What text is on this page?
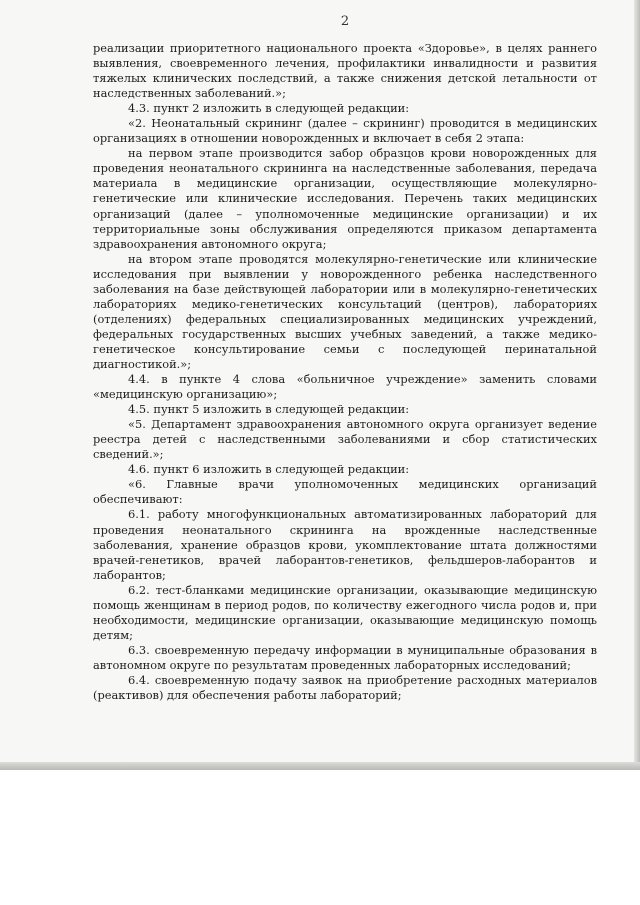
2

реализации приоритетного национального проекта «Здоровье», в целях раннего выявления, своевременного лечения, профилактики инвалидности и развития тяжелых клинических последствий, а также снижения детской летальности от наследственных заболеваний.»;

4.3. пункт 2 изложить в следующей редакции:

«2. Неонатальный скрининг (далее – скрининг) проводится в медицинских организациях в отношении новорожденных и включает в себя 2 этапа:

на первом этапе производится забор образцов крови новорожденных для проведения неонатального скрининга на наследственные заболевания, передача материала в медицинские организации, осуществляющие молекулярно-генетические или клинические исследования. Перечень таких медицинских организаций (далее – уполномоченные медицинские организации) и их территориальные зоны обслуживания определяются приказом департамента здравоохранения автономного округа;

на втором этапе проводятся молекулярно-генетические или клинические исследования при выявлении у новорожденного ребенка наследственного заболевания на базе действующей лаборатории или в молекулярно-генетических лабораториях медико-генетических консультаций (центров), лабораториях (отделениях) федеральных специализированных медицинских учреждений, федеральных государственных высших учебных заведений, а также медико-генетическое консультирование семьи с последующей перинатальной диагностикой.»;

4.4. в пункте 4 слова «больничное учреждение» заменить словами «медицинскую организацию»;

4.5. пункт 5 изложить в следующей редакции:

«5. Департамент здравоохранения автономного округа организует ведение реестра детей с наследственными заболеваниями и сбор статистических сведений.»;

4.6. пункт 6 изложить в следующей редакции:

«6. Главные врачи уполномоченных медицинских организаций обеспечивают:

6.1. работу многофункциональных автоматизированных лабораторий для проведения неонатального скрининга на врожденные наследственные заболевания, хранение образцов крови, укомплектование штата должностями врачей-генетиков, врачей лаборантов-генетиков, фельдшеров-лаборантов и лаборантов;

6.2. тест-бланками медицинские организации, оказывающие медицинскую помощь женщинам в период родов, по количеству ежегодного числа родов и, при необходимости, медицинские организации, оказывающие медицинскую помощь детям;

6.3. своевременную передачу информации в муниципальные образования в автономном округе по результатам проведенных лабораторных исследований;

6.4. своевременную подачу заявок на приобретение расходных материалов (реактивов) для обеспечения работы лабораторий;
